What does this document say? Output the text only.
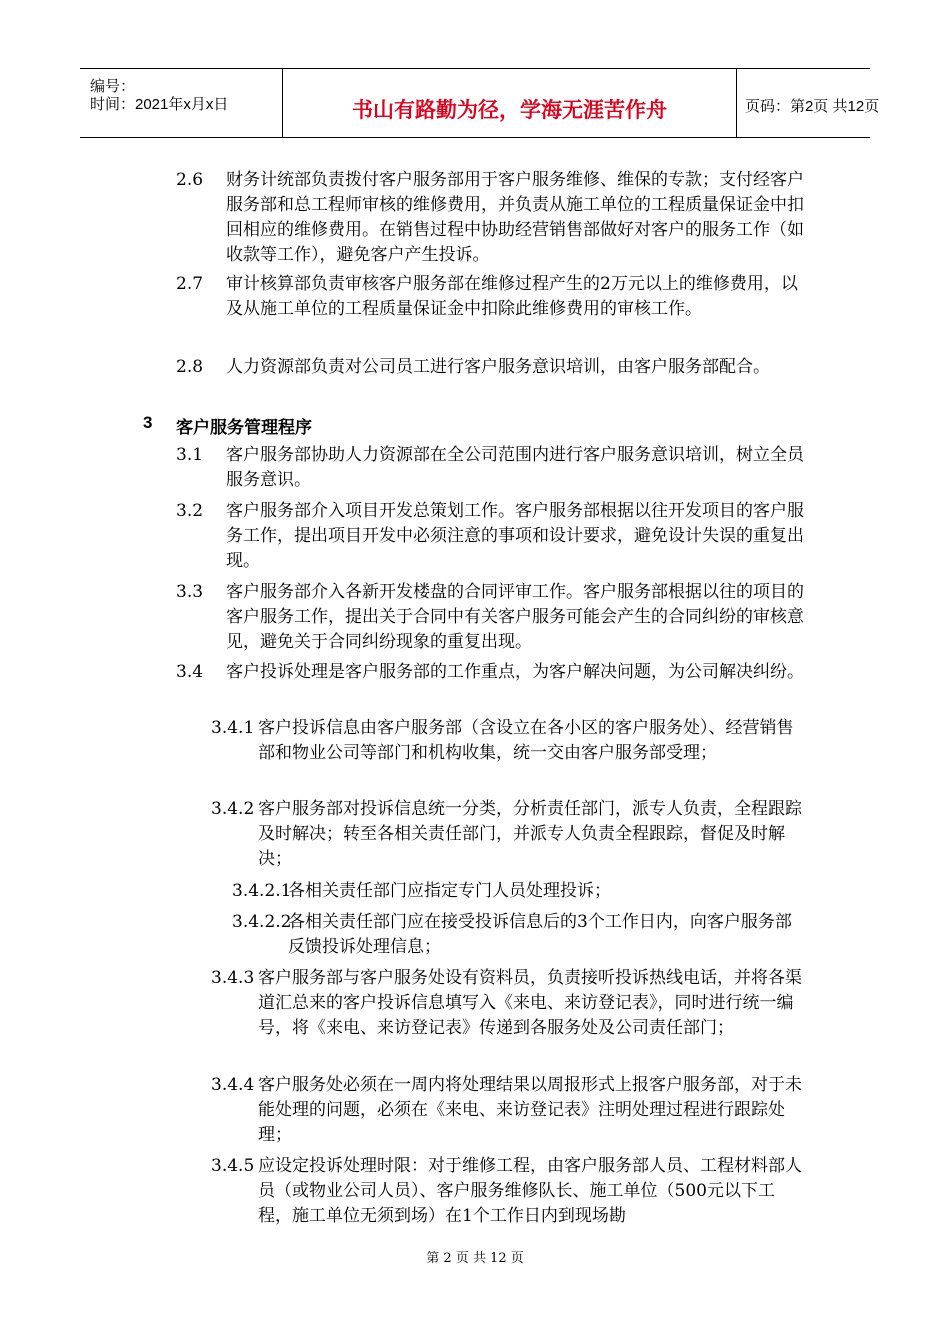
编号：
时间：2021年x月x日	书山有路勤为径，学海无涯苦作舟	页码：第2页 共12页
2.6 财务计统部负责拨付客户服务部用于客户服务维修、维保的专款；支付经客户服务部和总工程师审核的维修费用，并负责从施工单位的工程质量保证金中扣回相应的维修费用。在销售过程中协助经营销售部做好对客户的服务工作（如收款等工作），避免客户产生投诉。
2.7 审计核算部负责审核客户服务部在维修过程产生的2万元以上的维修费用，以及从施工单位的工程质量保证金中扣除此维修费用的审核工作。
2.8 人力资源部负责对公司员工进行客户服务意识培训，由客户服务部配合。
3 客户服务管理程序
3.1 客户服务部协助人力资源部在全公司范围内进行客户服务意识培训，树立全员服务意识。
3.2 客户服务部介入项目开发总策划工作。客户服务部根据以往开发项目的客户服务工作，提出项目开发中必须注意的事项和设计要求，避免设计失误的重复出现。
3.3 客户服务部介入各新开发楼盘的合同评审工作。客户服务部根据以往的项目的客户服务工作，提出关于合同中有关客户服务可能会产生的合同纠纷的审核意见，避免关于合同纠纷现象的重复出现。
3.4 客户投诉处理是客户服务部的工作重点，为客户解决问题，为公司解决纠纷。
3.4.1 客户投诉信息由客户服务部（含设立在各小区的客户服务处）、经营销售部和物业公司等部门和机构收集，统一交由客户服务部受理；
3.4.2 客户服务部对投诉信息统一分类，分析责任部门，派专人负责，全程跟踪及时解决；转至各相关责任部门，并派专人负责全程跟踪，督促及时解决；
3.4.2.1
各相关责任部门应指定专门人员处理投诉；
3.4.2.2
各相关责任部门应在接受投诉信息后的3个工作日内，向客户服务部反馈投诉处理信息；
3.4.3 客户服务部与客户服务处设有资料员，负责接听投诉热线电话，并将各渠道汇总来的客户投诉信息填写入《来电、来访登记表》，同时进行统一编号，将《来电、来访登记表》传递到各服务处及公司责任部门；
3.4.4 客户服务处必须在一周内将处理结果以周报形式上报客户服务部，对于未能处理的问题，必须在《来电、来访登记表》注明处理过程进行跟踪处理；
3.4.5 应设定投诉处理时限：对于维修工程，由客户服务部人员、工程材料部人员（或物业公司人员）、客户服务维修队长、施工单位（500元以下工程，施工单位无须到场）在1个工作日内到现场勘
第 2 页 共 12 页
